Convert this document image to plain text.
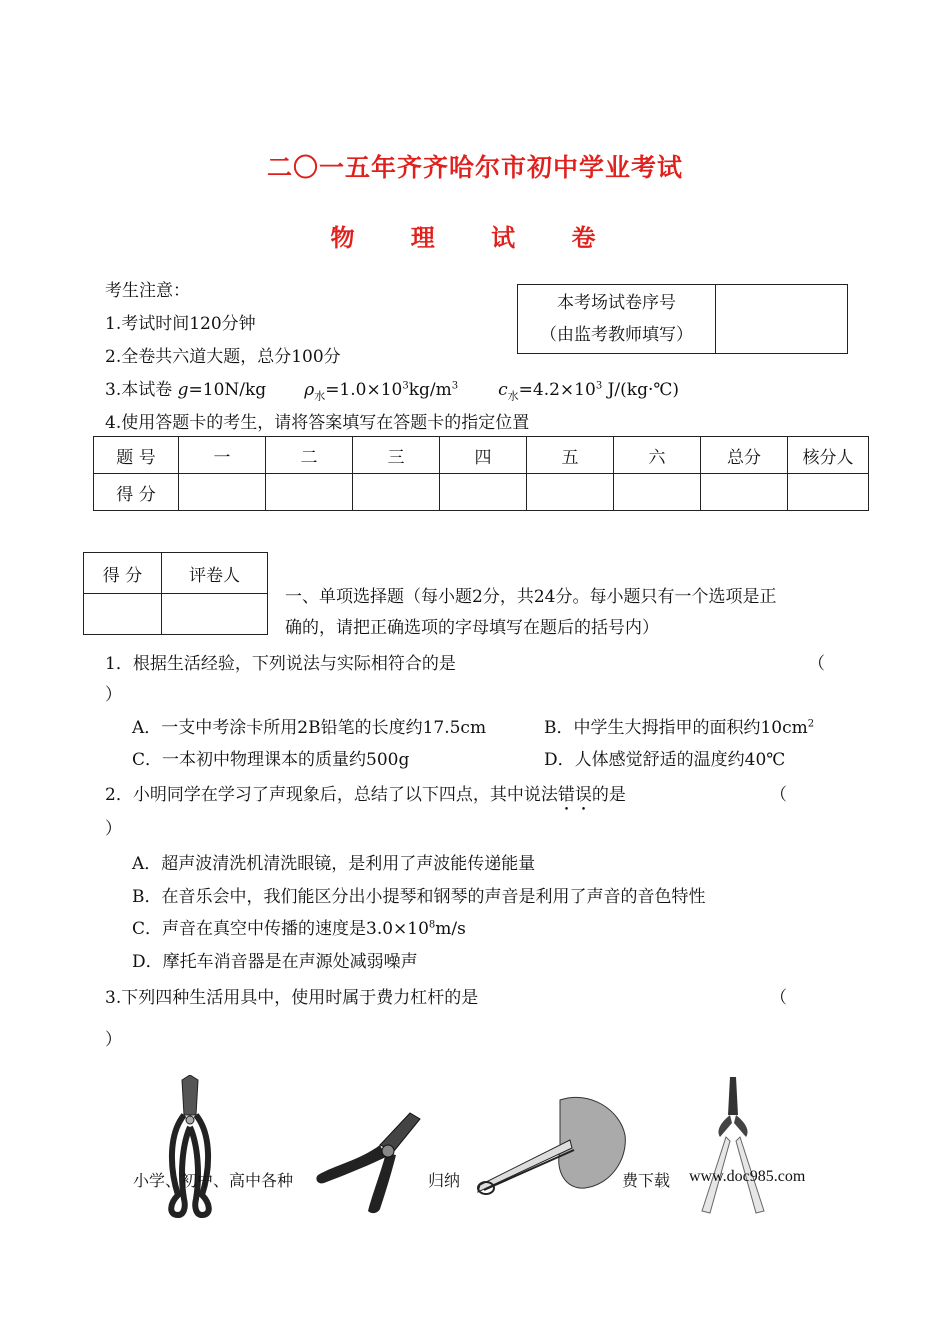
二〇一五年齐齐哈尔市初中学业考试
物 理 试 卷
考生注意：
1.考试时间120分钟
2.全卷共六道大题，总分100分
3.本试卷 g=10N/kg $\rho_水=1.0\times 10^3kg/m^3$ $c_水=4.2\times 10^3$ J/(kg·℃)
4.使用答题卡的考生，请将答案填写在答题卡的指定位置
本考场试卷序号
（由监考教师填写）

题 号	一	二	三	四	五	六	总分	核分人
得 分								
得 分	评卷人

一、单项选择题（每小题2分，共24分。每小题只有一个选项是正
确的，请把正确选项的字母填写在题后的括号内）
1．根据生活经验，下列说法与实际相符合的是	（
）
A．一支中考涂卡所用2B铅笔的长度约17.5cm	B．中学生大拇指甲的面积约$10cm^2$
C．一本初中物理课本的质量约500g	D．人体感觉舒适的温度约40℃
2．小明同学在学习了声现象后，总结了以下四点，其中说法错误的是	（
）
A．超声波清洗机清洗眼镜，是利用了声波能传递能量
B．在音乐会中，我们能区分出小提琴和钢琴的声音是利用了声音的音色特性
C．声音在真空中传播的速度是$3.0\times 10^8m/s$
D．摩托车消音器是在声源处减弱噪声
3.下列四种生活用具中，使用时属于费力杠杆的是	（
）
小学、初中、高中各种	归纳	费下载 www.doc985.com
